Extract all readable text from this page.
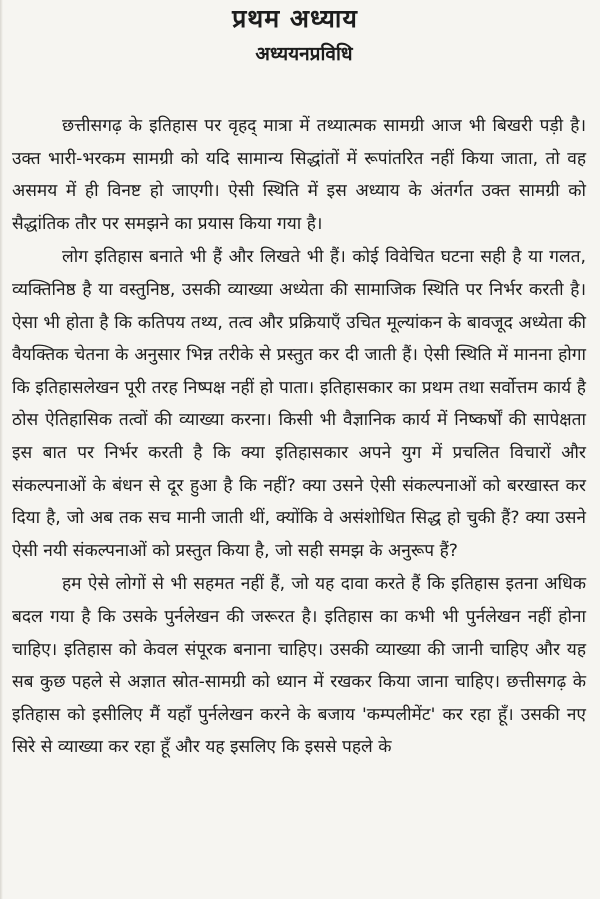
प्रथम अध्याय
अध्ययनप्रविधि

छत्तीसगढ़ के इतिहास पर वृहद् मात्रा में तथ्यात्मक सामग्री आज भी बिखरी पड़ी है। उक्त भारी-भरकम सामग्री को यदि सामान्य सिद्धांतों में रूपांतरित नहीं किया जाता, तो वह असमय में ही विनष्ट हो जाएगी। ऐसी स्थिति में इस अध्याय के अंतर्गत उक्त सामग्री को सैद्धांतिक तौर पर समझने का प्रयास किया गया है।

लोग इतिहास बनाते भी हैं और लिखते भी हैं। कोई विवेचित घटना सही है या गलत, व्यक्तिनिष्ठ है या वस्तुनिष्ठ, उसकी व्याख्या अध्येता की सामाजिक स्थिति पर निर्भर करती है। ऐसा भी होता है कि कतिपय तथ्य, तत्व और प्रक्रियाएँ उचित मूल्यांकन के बावजूद अध्येता की वैयक्तिक चेतना के अनुसार भिन्न तरीके से प्रस्तुत कर दी जाती हैं। ऐसी स्थिति में मानना होगा कि इतिहासलेखन पूरी तरह निष्पक्ष नहीं हो पाता। इतिहासकार का प्रथम तथा सर्वोत्तम कार्य है ठोस ऐतिहासिक तत्वों की व्याख्या करना। किसी भी वैज्ञानिक कार्य में निष्कर्षों की सापेक्षता इस बात पर निर्भर करती है कि क्या इतिहासकार अपने युग में प्रचलित विचारों और संकल्पनाओं के बंधन से दूर हुआ है कि नहीं? क्या उसने ऐसी संकल्पनाओं को बरखास्त कर दिया है, जो अब तक सच मानी जाती थीं, क्योंकि वे असंशोधित सिद्ध हो चुकी हैं? क्या उसने ऐसी नयी संकल्पनाओं को प्रस्तुत किया है, जो सही समझ के अनुरूप हैं?

हम ऐसे लोगों से भी सहमत नहीं हैं, जो यह दावा करते हैं कि इतिहास इतना अधिक बदल गया है कि उसके पुर्नलेखन की जरूरत है। इतिहास का कभी भी पुर्नलेखन नहीं होना चाहिए। इतिहास को केवल संपूरक बनाना चाहिए। उसकी व्याख्या की जानी चाहिए और यह सब कुछ पहले से अज्ञात स्रोत-सामग्री को ध्यान में रखकर किया जाना चाहिए। छत्तीसगढ़ के इतिहास को इसीलिए मैं यहाँ पुर्नलेखन करने के बजाय 'कम्पलीमेंट' कर रहा हूँ। उसकी नए सिरे से व्याख्या कर रहा हूँ और यह इसलिए कि इससे पहले के
